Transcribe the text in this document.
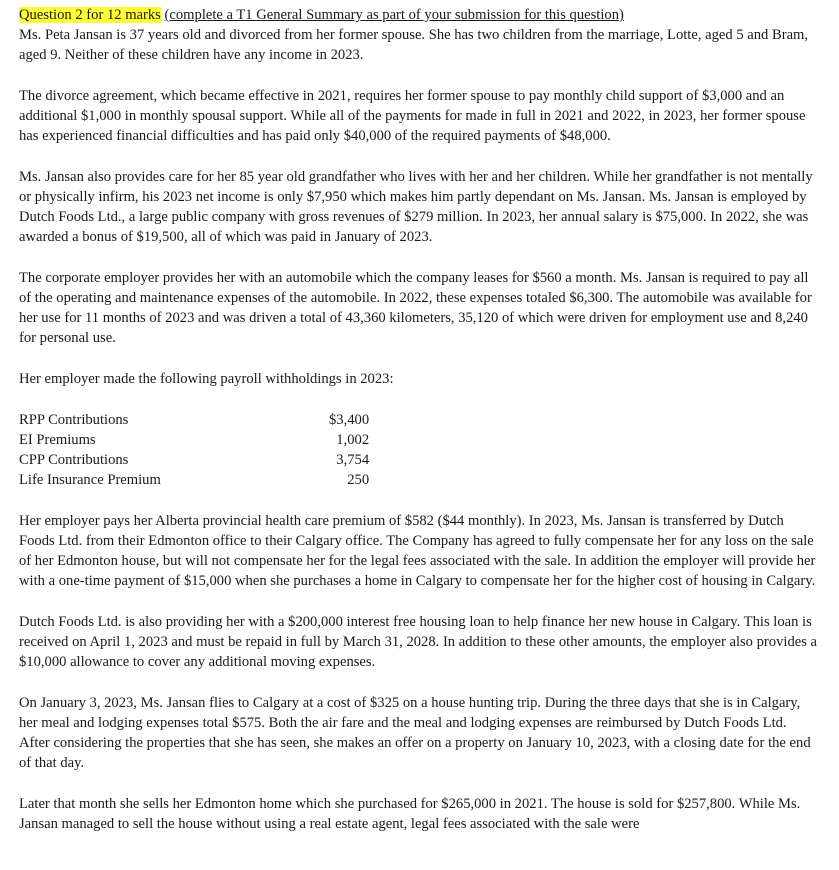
Question 2 for 12 marks (complete a T1 General Summary as part of your submission for this question)

Ms. Peta Jansan is 37 years old and divorced from her former spouse. She has two children from the marriage, Lotte, aged 5 and Bram, aged 9. Neither of these children have any income in 2023.

The divorce agreement, which became effective in 2021, requires her former spouse to pay monthly child support of $3,000 and an additional $1,000 in monthly spousal support. While all of the payments for made in full in 2021 and 2022, in 2023, her former spouse has experienced financial difficulties and has paid only $40,000 of the required payments of $48,000.

Ms. Jansan also provides care for her 85 year old grandfather who lives with her and her children. While her grandfather is not mentally or physically infirm, his 2023 net income is only $7,950 which makes him partly dependant on Ms. Jansan. Ms. Jansan is employed by Dutch Foods Ltd., a large public company with gross revenues of $279 million. In 2023, her annual salary is $75,000. In 2022, she was awarded a bonus of $19,500, all of which was paid in January of 2023.

The corporate employer provides her with an automobile which the company leases for $560 a month. Ms. Jansan is required to pay all of the operating and maintenance expenses of the automobile. In 2022, these expenses totaled $6,300. The automobile was available for her use for 11 months of 2023 and was driven a total of 43,360 kilometers, 35,120 of which were driven for employment use and 8,240 for personal use.

Her employer made the following payroll withholdings in 2023:

RPP Contributions	$3,400
EI Premiums	1,002
CPP Contributions	3,754
Life Insurance Premium	250

Her employer pays her Alberta provincial health care premium of $582 ($44 monthly). In 2023, Ms. Jansan is transferred by Dutch Foods Ltd. from their Edmonton office to their Calgary office. The Company has agreed to fully compensate her for any loss on the sale of her Edmonton house, but will not compensate her for the legal fees associated with the sale. In addition the employer will provide her with a one-time payment of $15,000 when she purchases a home in Calgary to compensate her for the higher cost of housing in Calgary.

Dutch Foods Ltd. is also providing her with a $200,000 interest free housing loan to help finance her new house in Calgary. This loan is received on April 1, 2023 and must be repaid in full by March 31, 2028. In addition to these other amounts, the employer also provides a $10,000 allowance to cover any additional moving expenses.

On January 3, 2023, Ms. Jansan flies to Calgary at a cost of $325 on a house hunting trip. During the three days that she is in Calgary, her meal and lodging expenses total $575. Both the air fare and the meal and lodging expenses are reimbursed by Dutch Foods Ltd. After considering the properties that she has seen, she makes an offer on a property on January 10, 2023, with a closing date for the end of that day.

Later that month she sells her Edmonton home which she purchased for $265,000 in 2021. The house is sold for $257,800. While Ms. Jansan managed to sell the house without using a real estate agent, legal fees associated with the sale were
